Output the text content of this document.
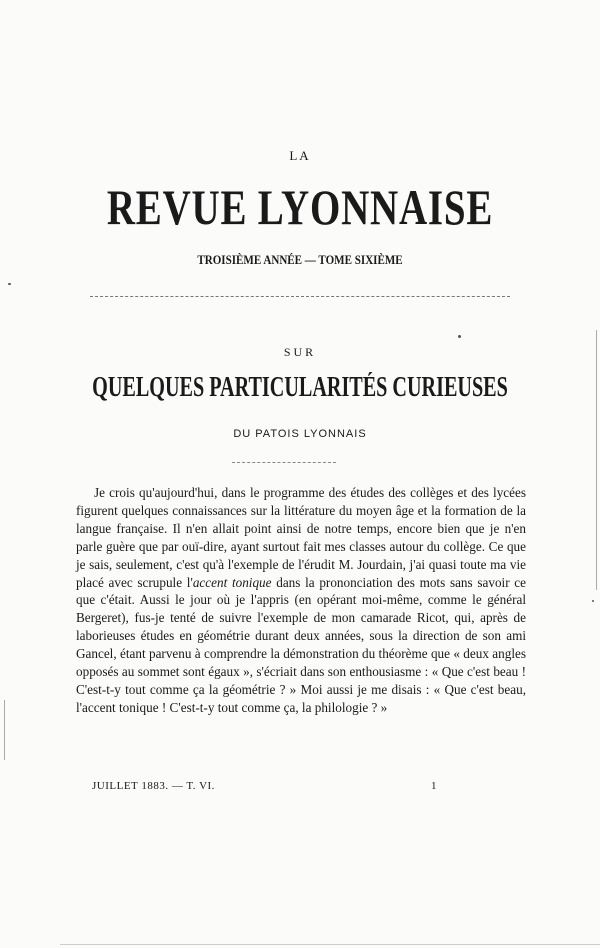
LA
REVUE LYONNAISE
TROISIÈME ANNÉE — TOME SIXIÈME
SUR
QUELQUES PARTICULARITÉS CURIEUSES
DU PATOIS LYONNAIS

Je crois qu'aujourd'hui, dans le programme des études des collèges et des lycées figurent quelques connaissances sur la littérature du moyen âge et la formation de la langue française. Il n'en allait point ainsi de notre temps, encore bien que je n'en parle guère que par ouï-dire, ayant surtout fait mes classes autour du collège. Ce que je sais, seulement, c'est qu'à l'exemple de l'érudit M. Jourdain, j'ai quasi toute ma vie placé avec scrupule l'accent tonique dans la prononciation des mots sans savoir ce que c'était. Aussi le jour où je l'appris (en opérant moi-même, comme le général Bergeret), fus-je tenté de suivre l'exemple de mon camarade Ricot, qui, après de laborieuses études en géométrie durant deux années, sous la direction de son ami Gancel, étant parvenu à comprendre la démonstration du théorème que « deux angles opposés au sommet sont égaux », s'écriait dans son enthousiasme : « Que c'est beau ! C'est-t-y tout comme ça la géométrie ? » Moi aussi je me disais : « Que c'est beau, l'accent tonique ! C'est-t-y tout comme ça, la philologie ? »

JUILLET 1883. — T. VI.	1
